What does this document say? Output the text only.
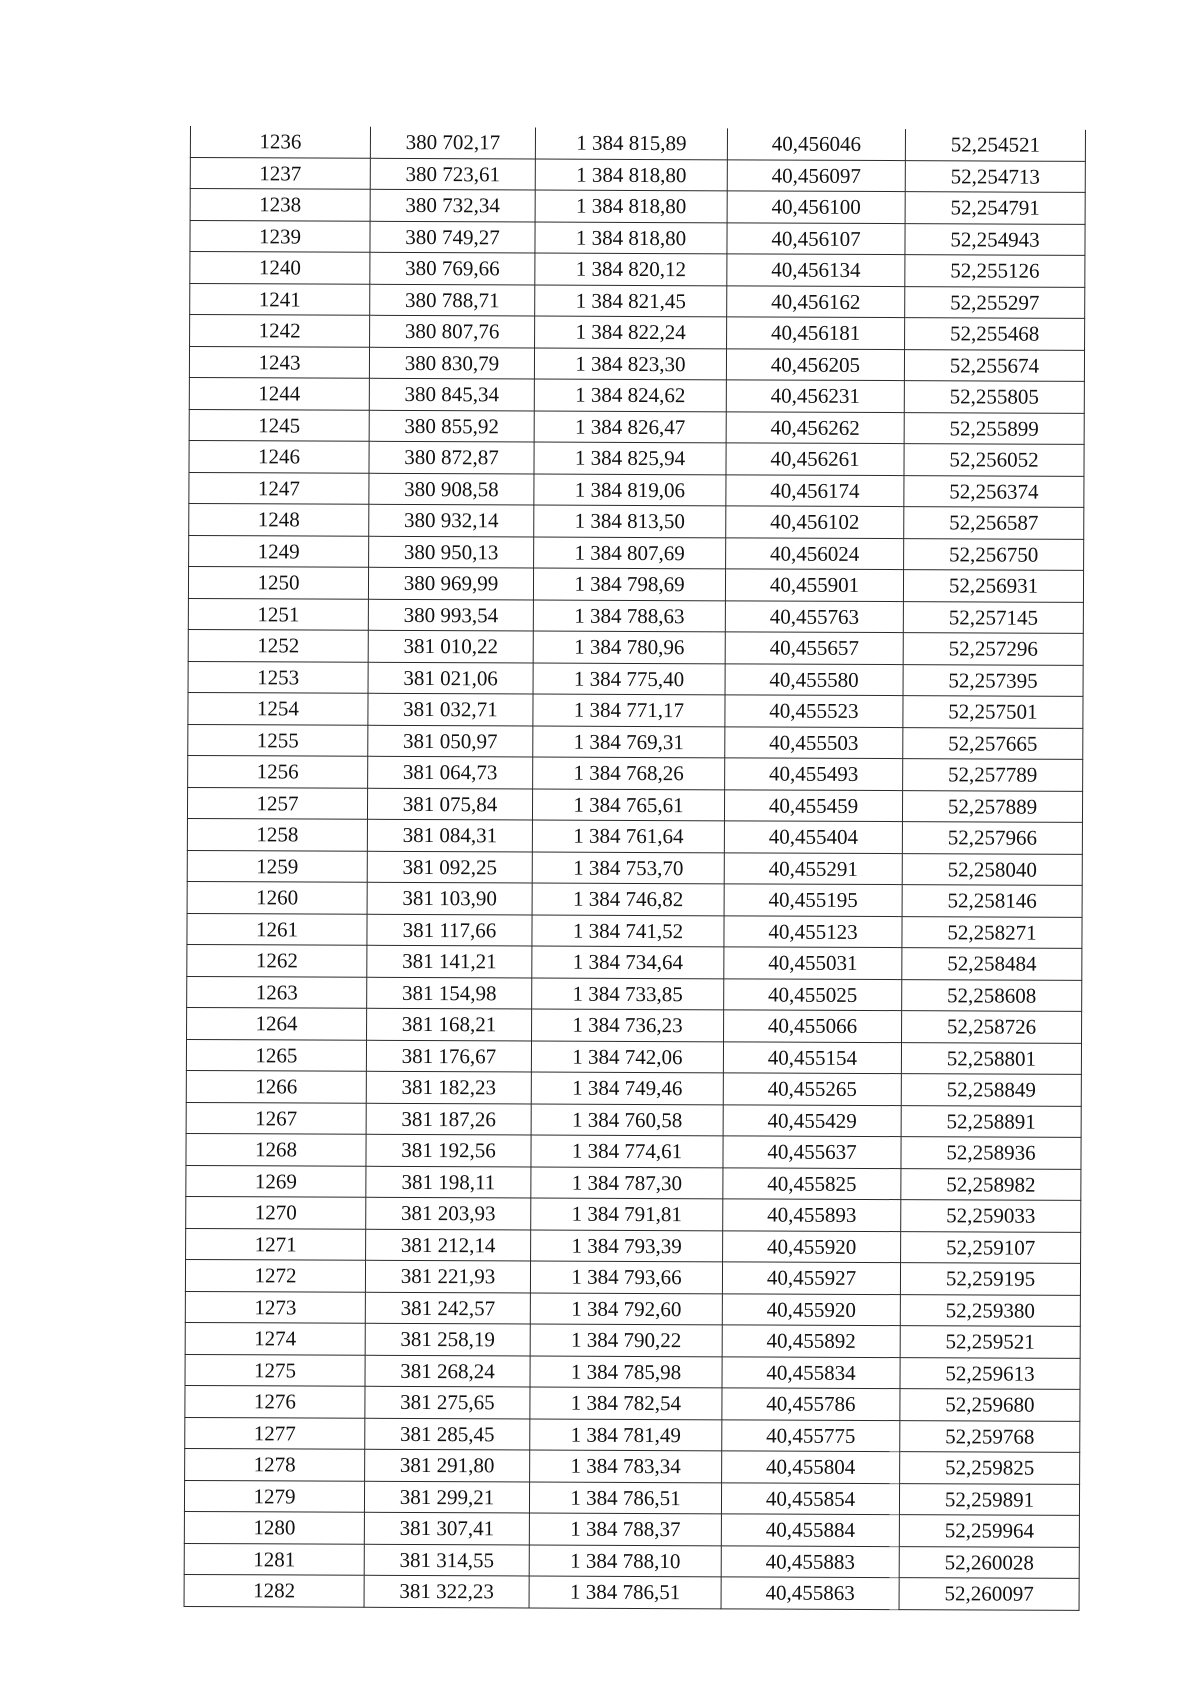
1236	380 702,17	1 384 815,89	40,456046	52,254521
1237	380 723,61	1 384 818,80	40,456097	52,254713
1238	380 732,34	1 384 818,80	40,456100	52,254791
1239	380 749,27	1 384 818,80	40,456107	52,254943
1240	380 769,66	1 384 820,12	40,456134	52,255126
1241	380 788,71	1 384 821,45	40,456162	52,255297
1242	380 807,76	1 384 822,24	40,456181	52,255468
1243	380 830,79	1 384 823,30	40,456205	52,255674
1244	380 845,34	1 384 824,62	40,456231	52,255805
1245	380 855,92	1 384 826,47	40,456262	52,255899
1246	380 872,87	1 384 825,94	40,456261	52,256052
1247	380 908,58	1 384 819,06	40,456174	52,256374
1248	380 932,14	1 384 813,50	40,456102	52,256587
1249	380 950,13	1 384 807,69	40,456024	52,256750
1250	380 969,99	1 384 798,69	40,455901	52,256931
1251	380 993,54	1 384 788,63	40,455763	52,257145
1252	381 010,22	1 384 780,96	40,455657	52,257296
1253	381 021,06	1 384 775,40	40,455580	52,257395
1254	381 032,71	1 384 771,17	40,455523	52,257501
1255	381 050,97	1 384 769,31	40,455503	52,257665
1256	381 064,73	1 384 768,26	40,455493	52,257789
1257	381 075,84	1 384 765,61	40,455459	52,257889
1258	381 084,31	1 384 761,64	40,455404	52,257966
1259	381 092,25	1 384 753,70	40,455291	52,258040
1260	381 103,90	1 384 746,82	40,455195	52,258146
1261	381 117,66	1 384 741,52	40,455123	52,258271
1262	381 141,21	1 384 734,64	40,455031	52,258484
1263	381 154,98	1 384 733,85	40,455025	52,258608
1264	381 168,21	1 384 736,23	40,455066	52,258726
1265	381 176,67	1 384 742,06	40,455154	52,258801
1266	381 182,23	1 384 749,46	40,455265	52,258849
1267	381 187,26	1 384 760,58	40,455429	52,258891
1268	381 192,56	1 384 774,61	40,455637	52,258936
1269	381 198,11	1 384 787,30	40,455825	52,258982
1270	381 203,93	1 384 791,81	40,455893	52,259033
1271	381 212,14	1 384 793,39	40,455920	52,259107
1272	381 221,93	1 384 793,66	40,455927	52,259195
1273	381 242,57	1 384 792,60	40,455920	52,259380
1274	381 258,19	1 384 790,22	40,455892	52,259521
1275	381 268,24	1 384 785,98	40,455834	52,259613
1276	381 275,65	1 384 782,54	40,455786	52,259680
1277	381 285,45	1 384 781,49	40,455775	52,259768
1278	381 291,80	1 384 783,34	40,455804	52,259825
1279	381 299,21	1 384 786,51	40,455854	52,259891
1280	381 307,41	1 384 788,37	40,455884	52,259964
1281	381 314,55	1 384 788,10	40,455883	52,260028
1282	381 322,23	1 384 786,51	40,455863	52,260097
